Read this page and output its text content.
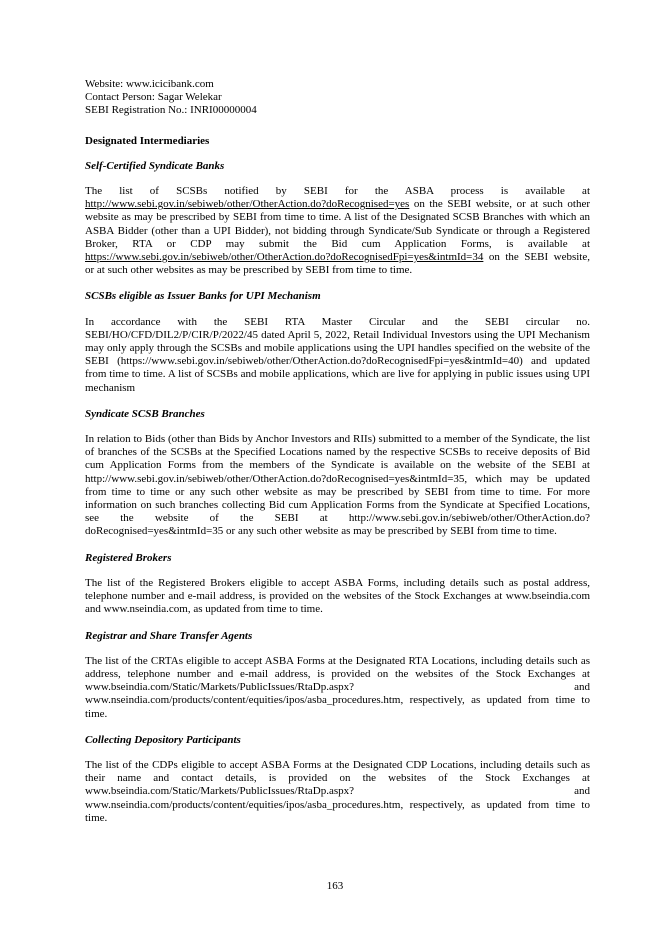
Website: www.icicibank.com
Contact Person: Sagar Welekar
SEBI Registration No.: INRI00000004
Designated Intermediaries
Self-Certified Syndicate Banks
The list of SCSBs notified by SEBI for the ASBA process is available at http://www.sebi.gov.in/sebiweb/other/OtherAction.do?doRecognised=yes on the SEBI website, or at such other website as may be prescribed by SEBI from time to time. A list of the Designated SCSB Branches with which an ASBA Bidder (other than a UPI Bidder), not bidding through Syndicate/Sub Syndicate or through a Registered Broker, RTA or CDP may submit the Bid cum Application Forms, is available at https://www.sebi.gov.in/sebiweb/other/OtherAction.do?doRecognisedFpi=yes&intmId=34 on the SEBI website, or at such other websites as may be prescribed by SEBI from time to time.
SCSBs eligible as Issuer Banks for UPI Mechanism
In accordance with the SEBI RTA Master Circular and the SEBI circular no. SEBI/HO/CFD/DIL2/P/CIR/P/2022/45 dated April 5, 2022, Retail Individual Investors using the UPI Mechanism may only apply through the SCSBs and mobile applications using the UPI handles specified on the website of the SEBI (https://www.sebi.gov.in/sebiweb/other/OtherAction.do?doRecognisedFpi=yes&intmId=40) and updated from time to time. A list of SCSBs and mobile applications, which are live for applying in public issues using UPI mechanism
Syndicate SCSB Branches
In relation to Bids (other than Bids by Anchor Investors and RIIs) submitted to a member of the Syndicate, the list of branches of the SCSBs at the Specified Locations named by the respective SCSBs to receive deposits of Bid cum Application Forms from the members of the Syndicate is available on the website of the SEBI at http://www.sebi.gov.in/sebiweb/other/OtherAction.do?doRecognised=yes&intmId=35, which may be updated from time to time or any such other website as may be prescribed by SEBI from time to time. For more information on such branches collecting Bid cum Application Forms from the Syndicate at Specified Locations, see the website of the SEBI at http://www.sebi.gov.in/sebiweb/other/OtherAction.do?doRecognised=yes&intmId=35 or any such other website as may be prescribed by SEBI from time to time.
Registered Brokers
The list of the Registered Brokers eligible to accept ASBA Forms, including details such as postal address, telephone number and e-mail address, is provided on the websites of the Stock Exchanges at www.bseindia.com and www.nseindia.com, as updated from time to time.
Registrar and Share Transfer Agents
The list of the CRTAs eligible to accept ASBA Forms at the Designated RTA Locations, including details such as address, telephone number and e-mail address, is provided on the websites of the Stock Exchanges at www.bseindia.com/Static/Markets/PublicIssues/RtaDp.aspx? and www.nseindia.com/products/content/equities/ipos/asba_procedures.htm, respectively, as updated from time to time.
Collecting Depository Participants
The list of the CDPs eligible to accept ASBA Forms at the Designated CDP Locations, including details such as their name and contact details, is provided on the websites of the Stock Exchanges at www.bseindia.com/Static/Markets/PublicIssues/RtaDp.aspx? and www.nseindia.com/products/content/equities/ipos/asba_procedures.htm, respectively, as updated from time to time.
163
